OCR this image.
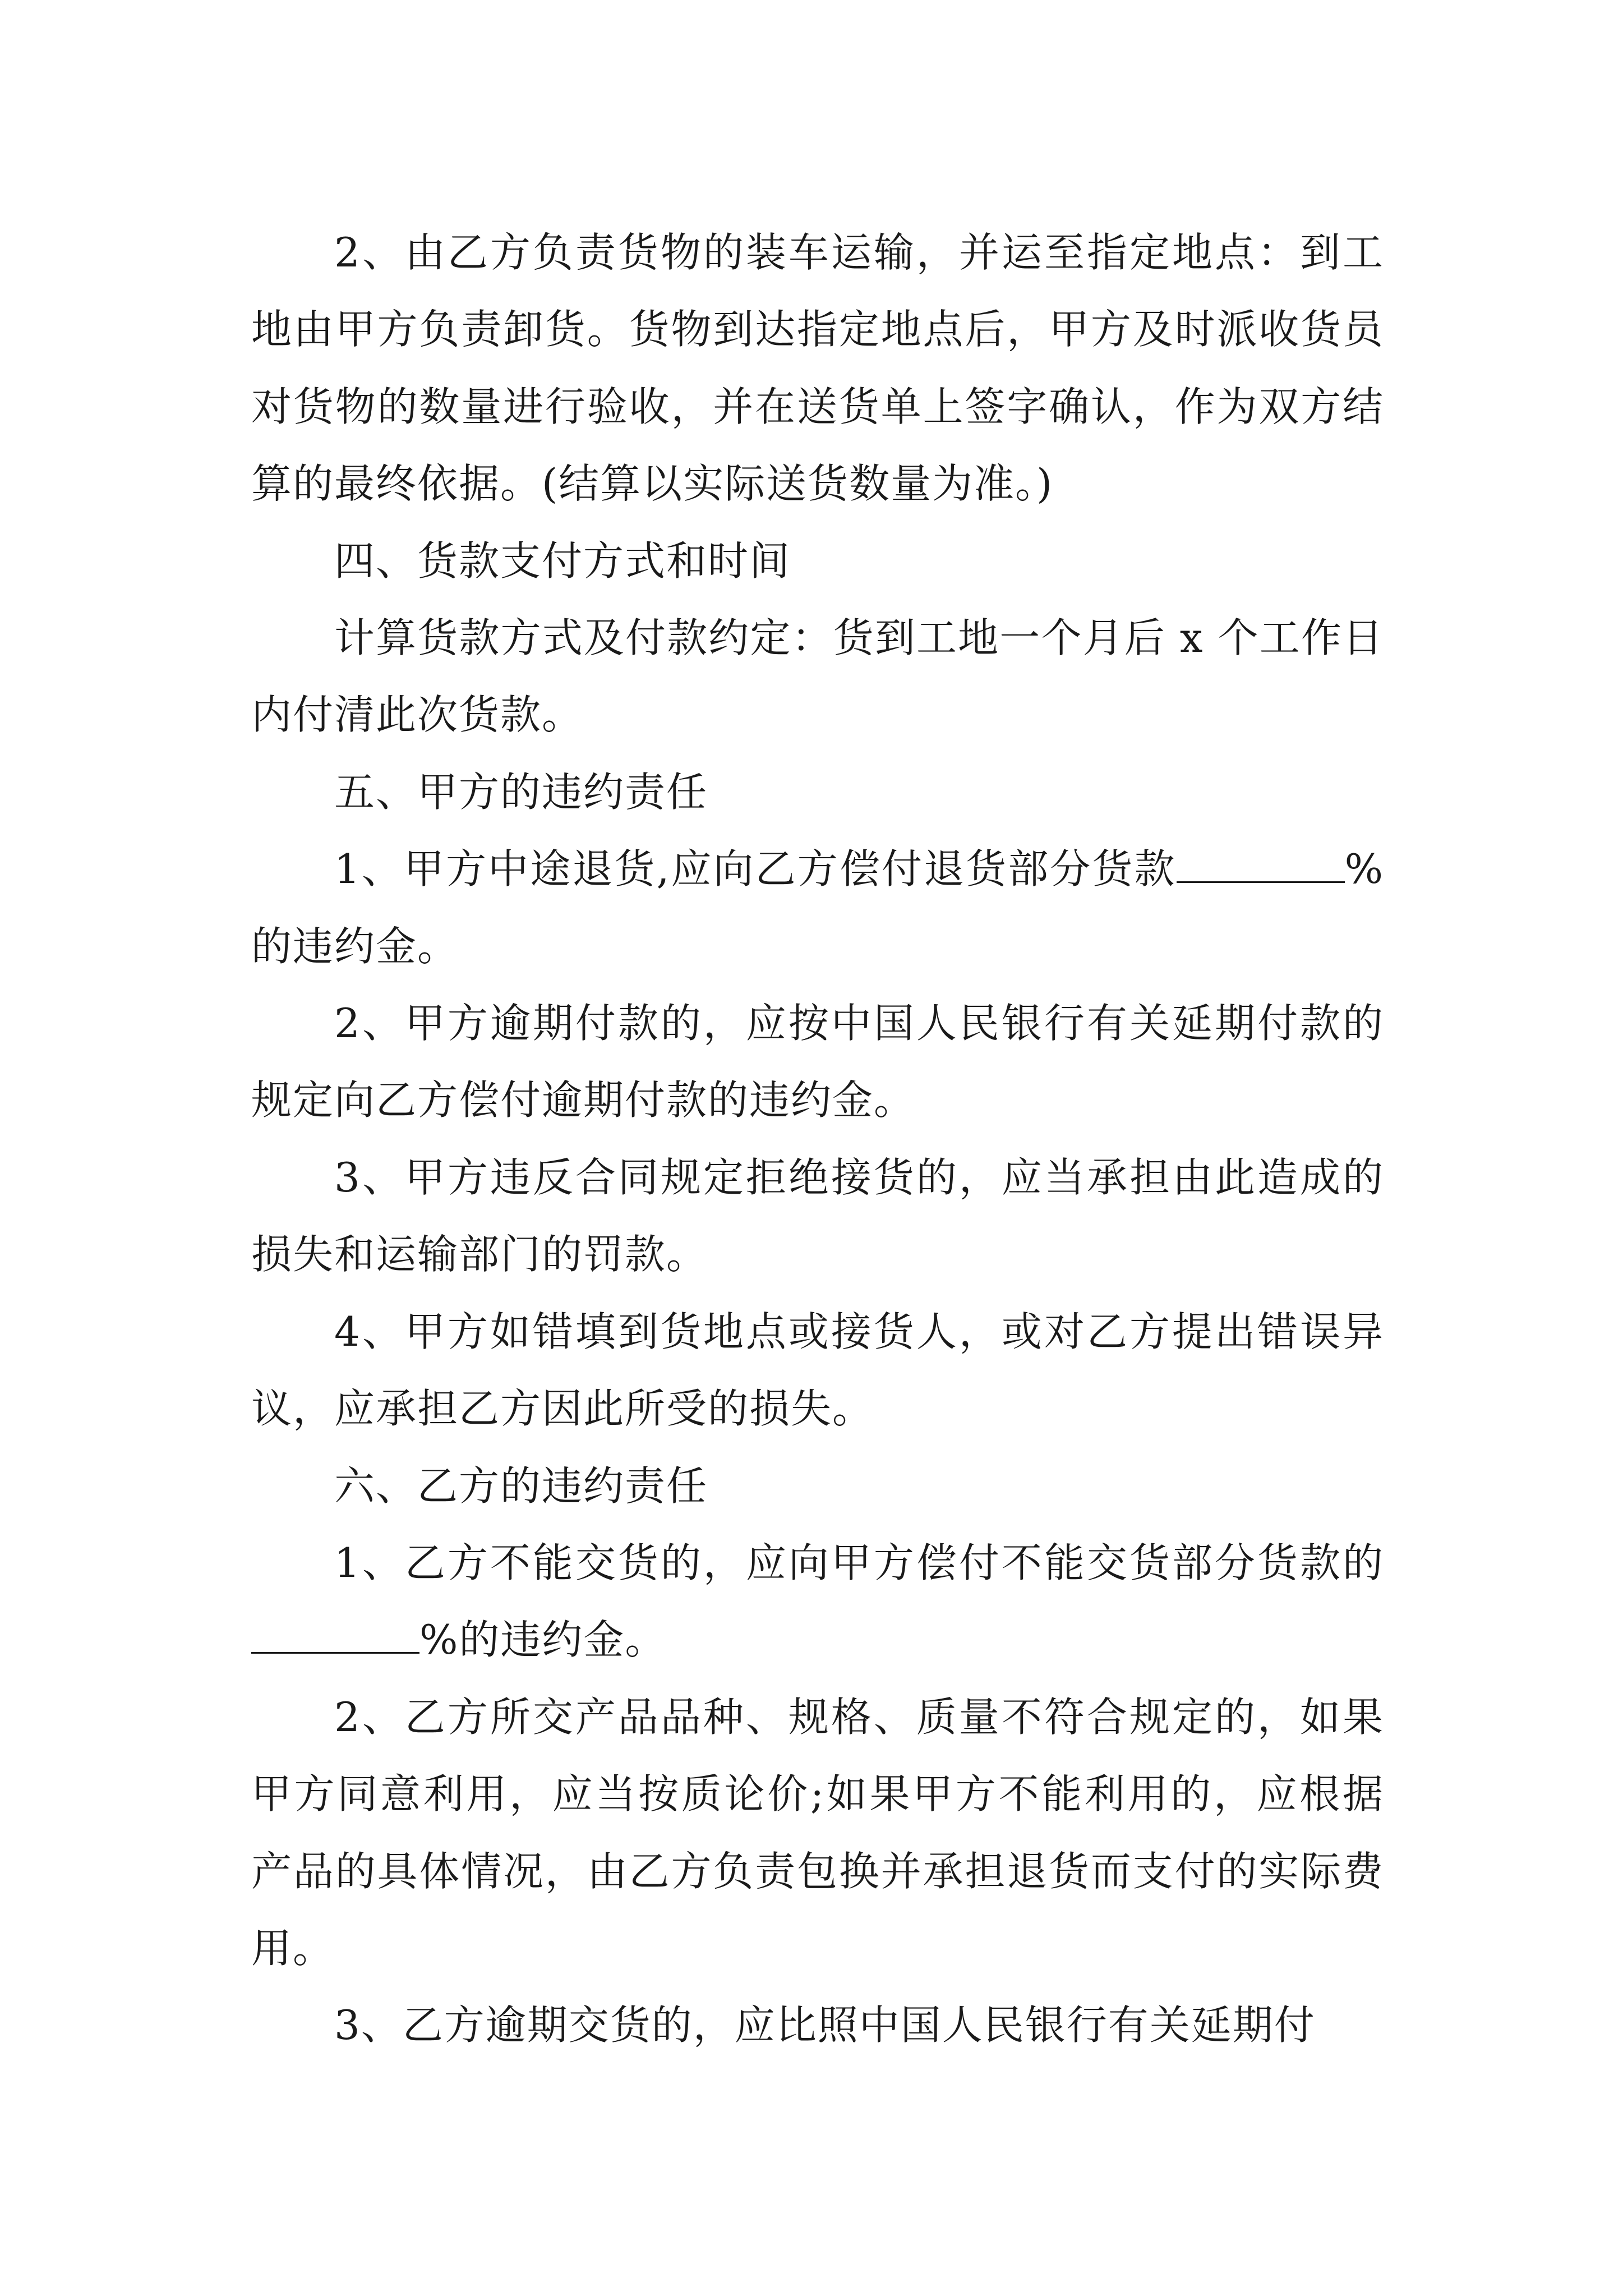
2、由乙方负责货物的装车运输，并运至指定地点：到工地由甲方负责卸货。货物到达指定地点后，甲方及时派收货员对货物的数量进行验收，并在送货单上签字确认，作为双方结算的最终依据。(结算以实际送货数量为准。)

四、货款支付方式和时间

计算货款方式及付款约定：货到工地一个月后 x 个工作日内付清此次货款。

五、甲方的违约责任

1、甲方中途退货,应向乙方偿付退货部分货款	%的违约金。

2、甲方逾期付款的，应按中国人民银行有关延期付款的规定向乙方偿付逾期付款的违约金。

3、甲方违反合同规定拒绝接货的，应当承担由此造成的损失和运输部门的罚款。

4、甲方如错填到货地点或接货人，或对乙方提出错误异议，应承担乙方因此所受的损失。

六、乙方的违约责任

1、乙方不能交货的，应向甲方偿付不能交货部分货款的%的违约金。

2、乙方所交产品品种、规格、质量不符合规定的，如果甲方同意利用，应当按质论价;如果甲方不能利用的，应根据产品的具体情况，由乙方负责包换并承担退货而支付的实际费用。

3、乙方逾期交货的，应比照中国人民银行有关延期付
